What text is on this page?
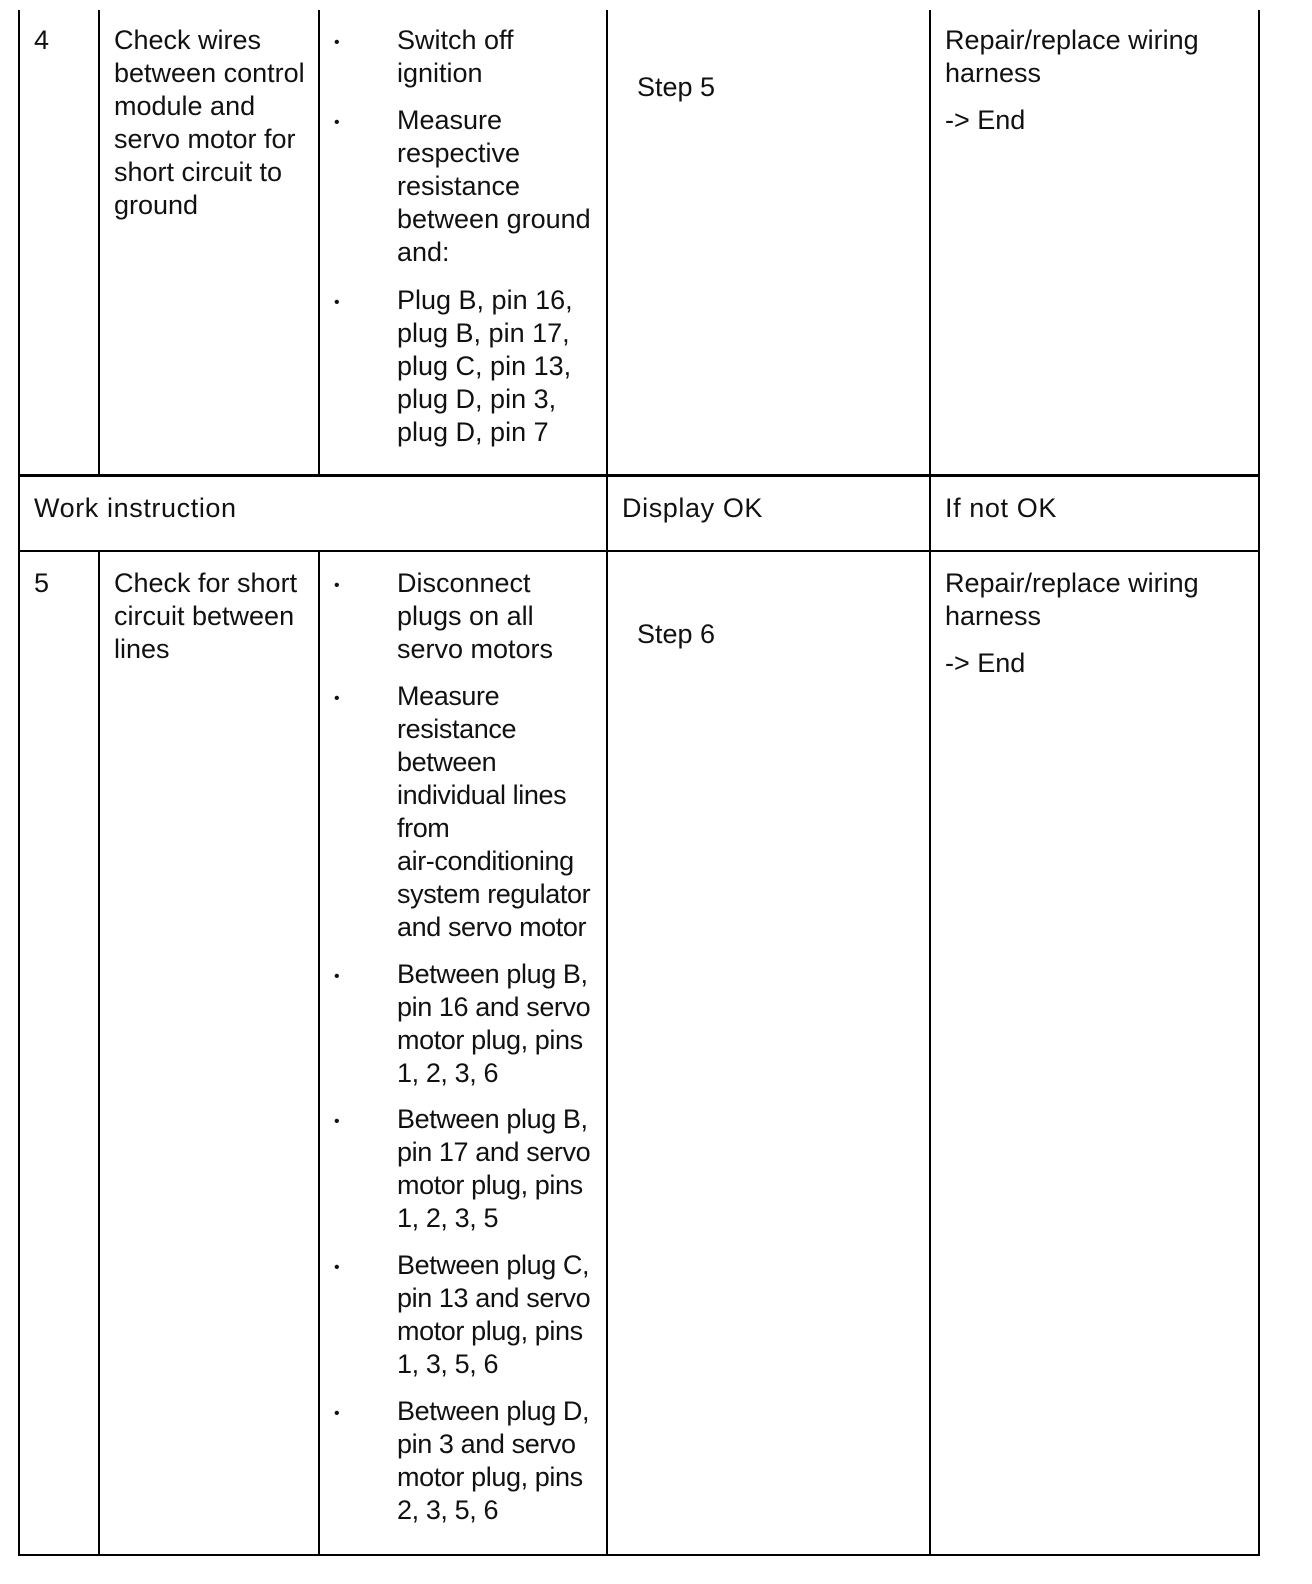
4 Check wires
between control
module and
servo motor for
short circuit to
ground
• Switch off
ignition
• Measure
respective
resistance
between ground
and:
• Plug B, pin 16,
plug B, pin 17,
plug C, pin 13,
plug D, pin 3,
plug D, pin 7
Step 5
Repair/replace wiring
harness
-> End
Work instruction	Display OK	If not OK
5 Check for short
circuit between
lines
• Disconnect
plugs on all
servo motors
• Measure
resistance
between
individual lines
from
air-conditioning
system regulator
and servo motor
• Between plug B,
pin 16 and servo
motor plug, pins
1, 2, 3, 6
• Between plug B,
pin 17 and servo
motor plug, pins
1, 2, 3, 5
• Between plug C,
pin 13 and servo
motor plug, pins
1, 3, 5, 6
• Between plug D,
pin 3 and servo
motor plug, pins
2, 3, 5, 6
Step 6
Repair/replace wiring
harness
-> End
